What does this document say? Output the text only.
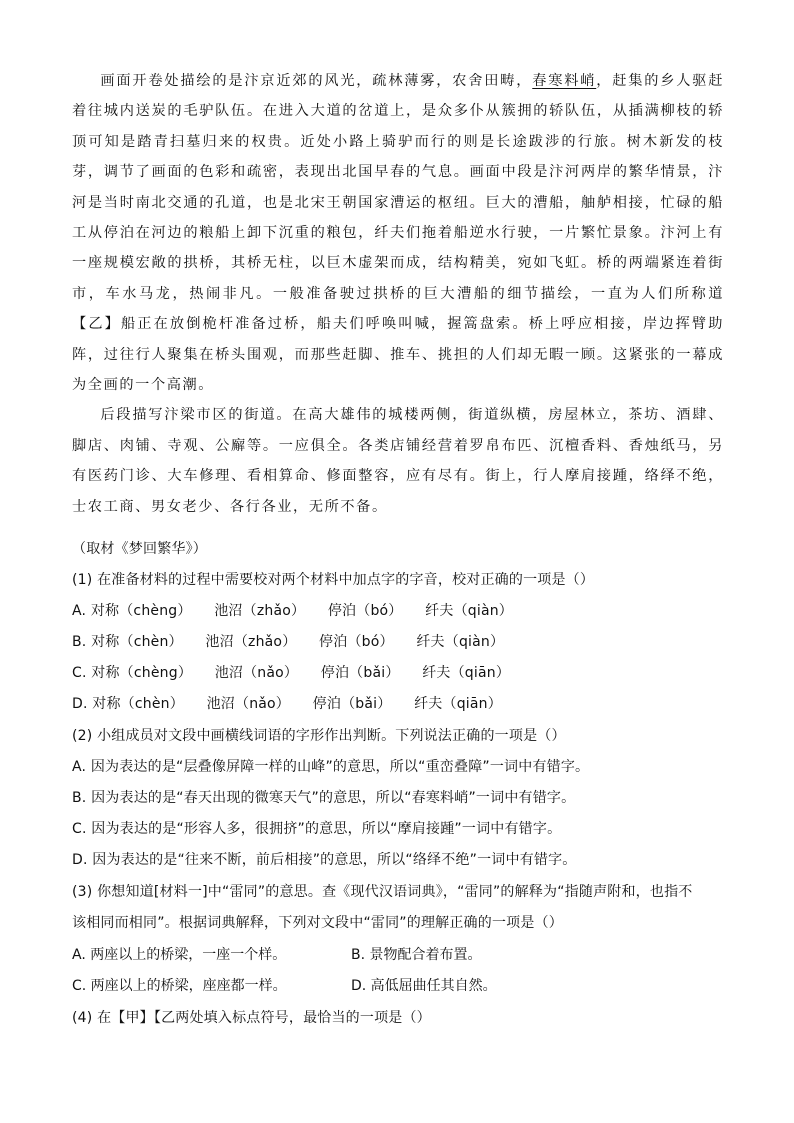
画面开卷处描绘的是汴京近郊的风光，疏林薄雾，农舍田畴，春寒料峭，赶集的乡人驱赶着往城内送炭的毛驴队伍。在进入大道的岔道上，是众多仆从簇拥的轿队伍，从插满柳枝的轿顶可知是踏青扫墓归来的权贵。近处小路上骑驴而行的则是长途跋涉的行旅。树木新发的枝芽，调节了画面的色彩和疏密，表现出北国早春的气息。画面中段是汴河两岸的繁华情景，汴河是当时南北交通的孔道，也是北宋王朝国家漕运的枢纽。巨大的漕船，舳舻相接，忙碌的船工从停泊在河边的粮船上卸下沉重的粮包，纤夫们拖着船逆水行驶，一片繁忙景象。汴河上有一座规模宏敞的拱桥，其桥无柱，以巨木虚架而成，结构精美，宛如飞虹。桥的两端紧连着街市，车水马龙，热闹非凡。一般准备驶过拱桥的巨大漕船的细节描绘，一直为人们所称道【乙】船正在放倒桅杆准备过桥，船夫们呼唤叫喊，握篙盘索。桥上呼应相接，岸边挥臂助阵，过往行人聚集在桥头围观，而那些赶脚、推车、挑担的人们却无暇一顾。这紧张的一幕成为全画的一个高潮。

后段描写汴梁市区的街道。在高大雄伟的城楼两侧，街道纵横，房屋林立，茶坊、酒肆、脚店、肉铺、寺观、公廨等。一应俱全。各类店铺经营着罗帛布匹、沉檀香料、香烛纸马，另有医药门诊、大车修理、看相算命、修面整容，应有尽有。街上，行人摩肩接踵，络绎不绝，士农工商、男女老少、各行各业，无所不备。

（取材《梦回繁华》）
(1) 在准备材料的过程中需要校对两个材料中加点字的字音，校对正确的一项是（）
A. 对称（chèng） 池沼（zhǎo） 停泊（bó） 纤夫（qiàn）
B. 对称（chèn） 池沼（zhǎo） 停泊（bó） 纤夫（qiàn）
C. 对称（chèng） 池沼（nǎo） 停泊（bǎi） 纤夫（qiān）
D. 对称（chèn） 池沼（nǎo） 停泊（bǎi） 纤夫（qiān）
(2) 小组成员对文段中画横线词语的字形作出判断。下列说法正确的一项是（）
A. 因为表达的是“层叠像屏障一样的山峰”的意思，所以“重峦叠障”一词中有错字。
B. 因为表达的是“春天出现的微寒天气”的意思，所以“春寒料峭”一词中有错字。
C. 因为表达的是“形容人多，很拥挤”的意思，所以“摩肩接踵”一词中有错字。
D. 因为表达的是“往来不断，前后相接”的意思，所以“络绎不绝”一词中有错字。
(3) 你想知道[材料一]中“雷同”的意思。查《现代汉语词典》，“雷同”的解释为“指随声附和，也指不
该相同而相同”。根据词典解释，下列对文段中“雷同”的理解正确的一项是（）
A. 两座以上的桥梁，一座一个样。	B. 景物配合着布置。
C. 两座以上的桥梁，座座都一样。	D. 高低屈曲任其自然。
(4) 在【甲】【乙两处填入标点符号，最恰当的一项是（）
